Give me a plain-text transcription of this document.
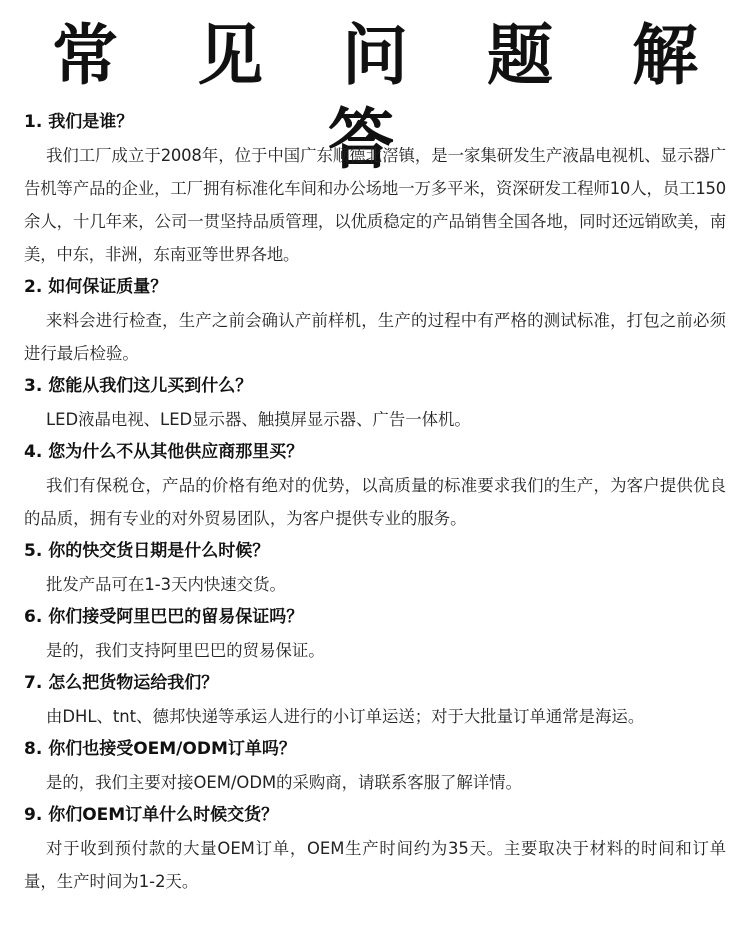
常 见 问 题 解 答
1. 我们是谁？

我们工厂成立于2008年，位于中国广东顺德北滘镇，是一家集研发生产液晶电视机、显示器广告机等产品的企业，工厂拥有标准化车间和办公场地一万多平米，资深研发工程师10人，员工150余人，十几年来，公司一贯坚持品质管理，以优质稳定的产品销售全国各地，同时还远销欧美，南美，中东，非洲，东南亚等世界各地。

2. 如何保证质量？

来料会进行检查，生产之前会确认产前样机，生产的过程中有严格的测试标准，打包之前必须进行最后检验。

3. 您能从我们这儿买到什么？

LED液晶电视、LED显示器、触摸屏显示器、广告一体机。

4. 您为什么不从其他供应商那里买？

我们有保税仓，产品的价格有绝对的优势，以高质量的标准要求我们的生产，为客户提供优良的品质，拥有专业的对外贸易团队，为客户提供专业的服务。

5. 你的快交货日期是什么时候？

批发产品可在1-3天内快速交货。

6. 你们接受阿里巴巴的留易保证吗？

是的，我们支持阿里巴巴的贸易保证。

7. 怎么把货物运给我们？

由DHL、tnt、德邦快递等承运人进行的小订单运送；对于大批量订单通常是海运。

8. 你们也接受OEM/ODM订单吗？

是的，我们主要对接OEM/ODM的采购商，请联系客服了解详情。

9. 你们OEM订单什么时候交货？

对于收到预付款的大量OEM订单，OEM生产时间约为35天。主要取决于材料的时间和订单量，生产时间为1-2天。
